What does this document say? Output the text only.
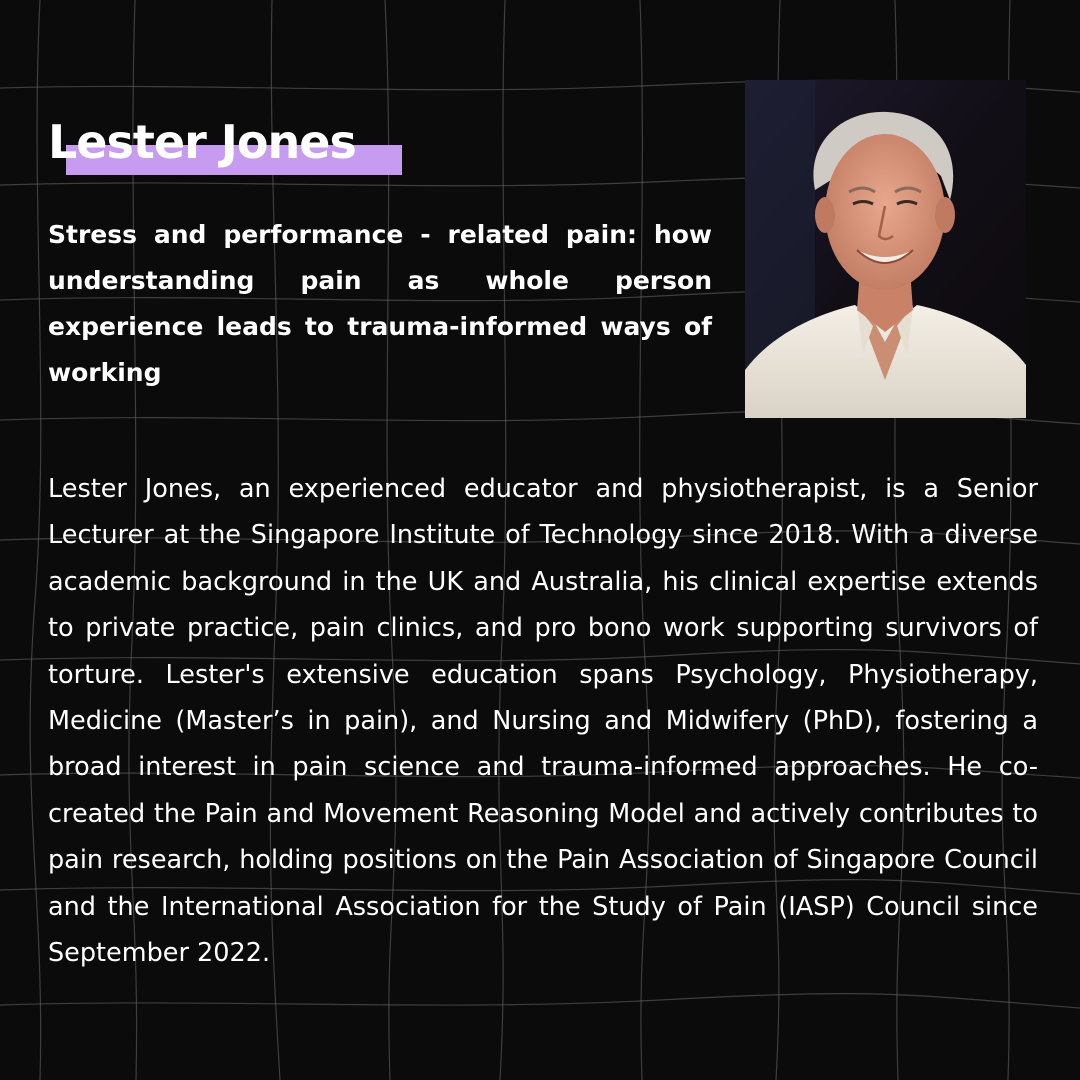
Lester Jones

Stress and performance - related pain: how understanding pain as whole person experience leads to trauma-informed ways of working

Lester Jones, an experienced educator and physiotherapist, is a Senior Lecturer at the Singapore Institute of Technology since 2018. With a diverse academic background in the UK and Australia, his clinical expertise extends to private practice, pain clinics, and pro bono work supporting survivors of torture. Lester's extensive education spans Psychology, Physiotherapy, Medicine (Master’s in pain), and Nursing and Midwifery (PhD), fostering a broad interest in pain science and trauma-informed approaches. He co-created the Pain and Movement Reasoning Model and actively contributes to pain research, holding positions on the Pain Association of Singapore Council and the International Association for the Study of Pain (IASP) Council since September 2022.
